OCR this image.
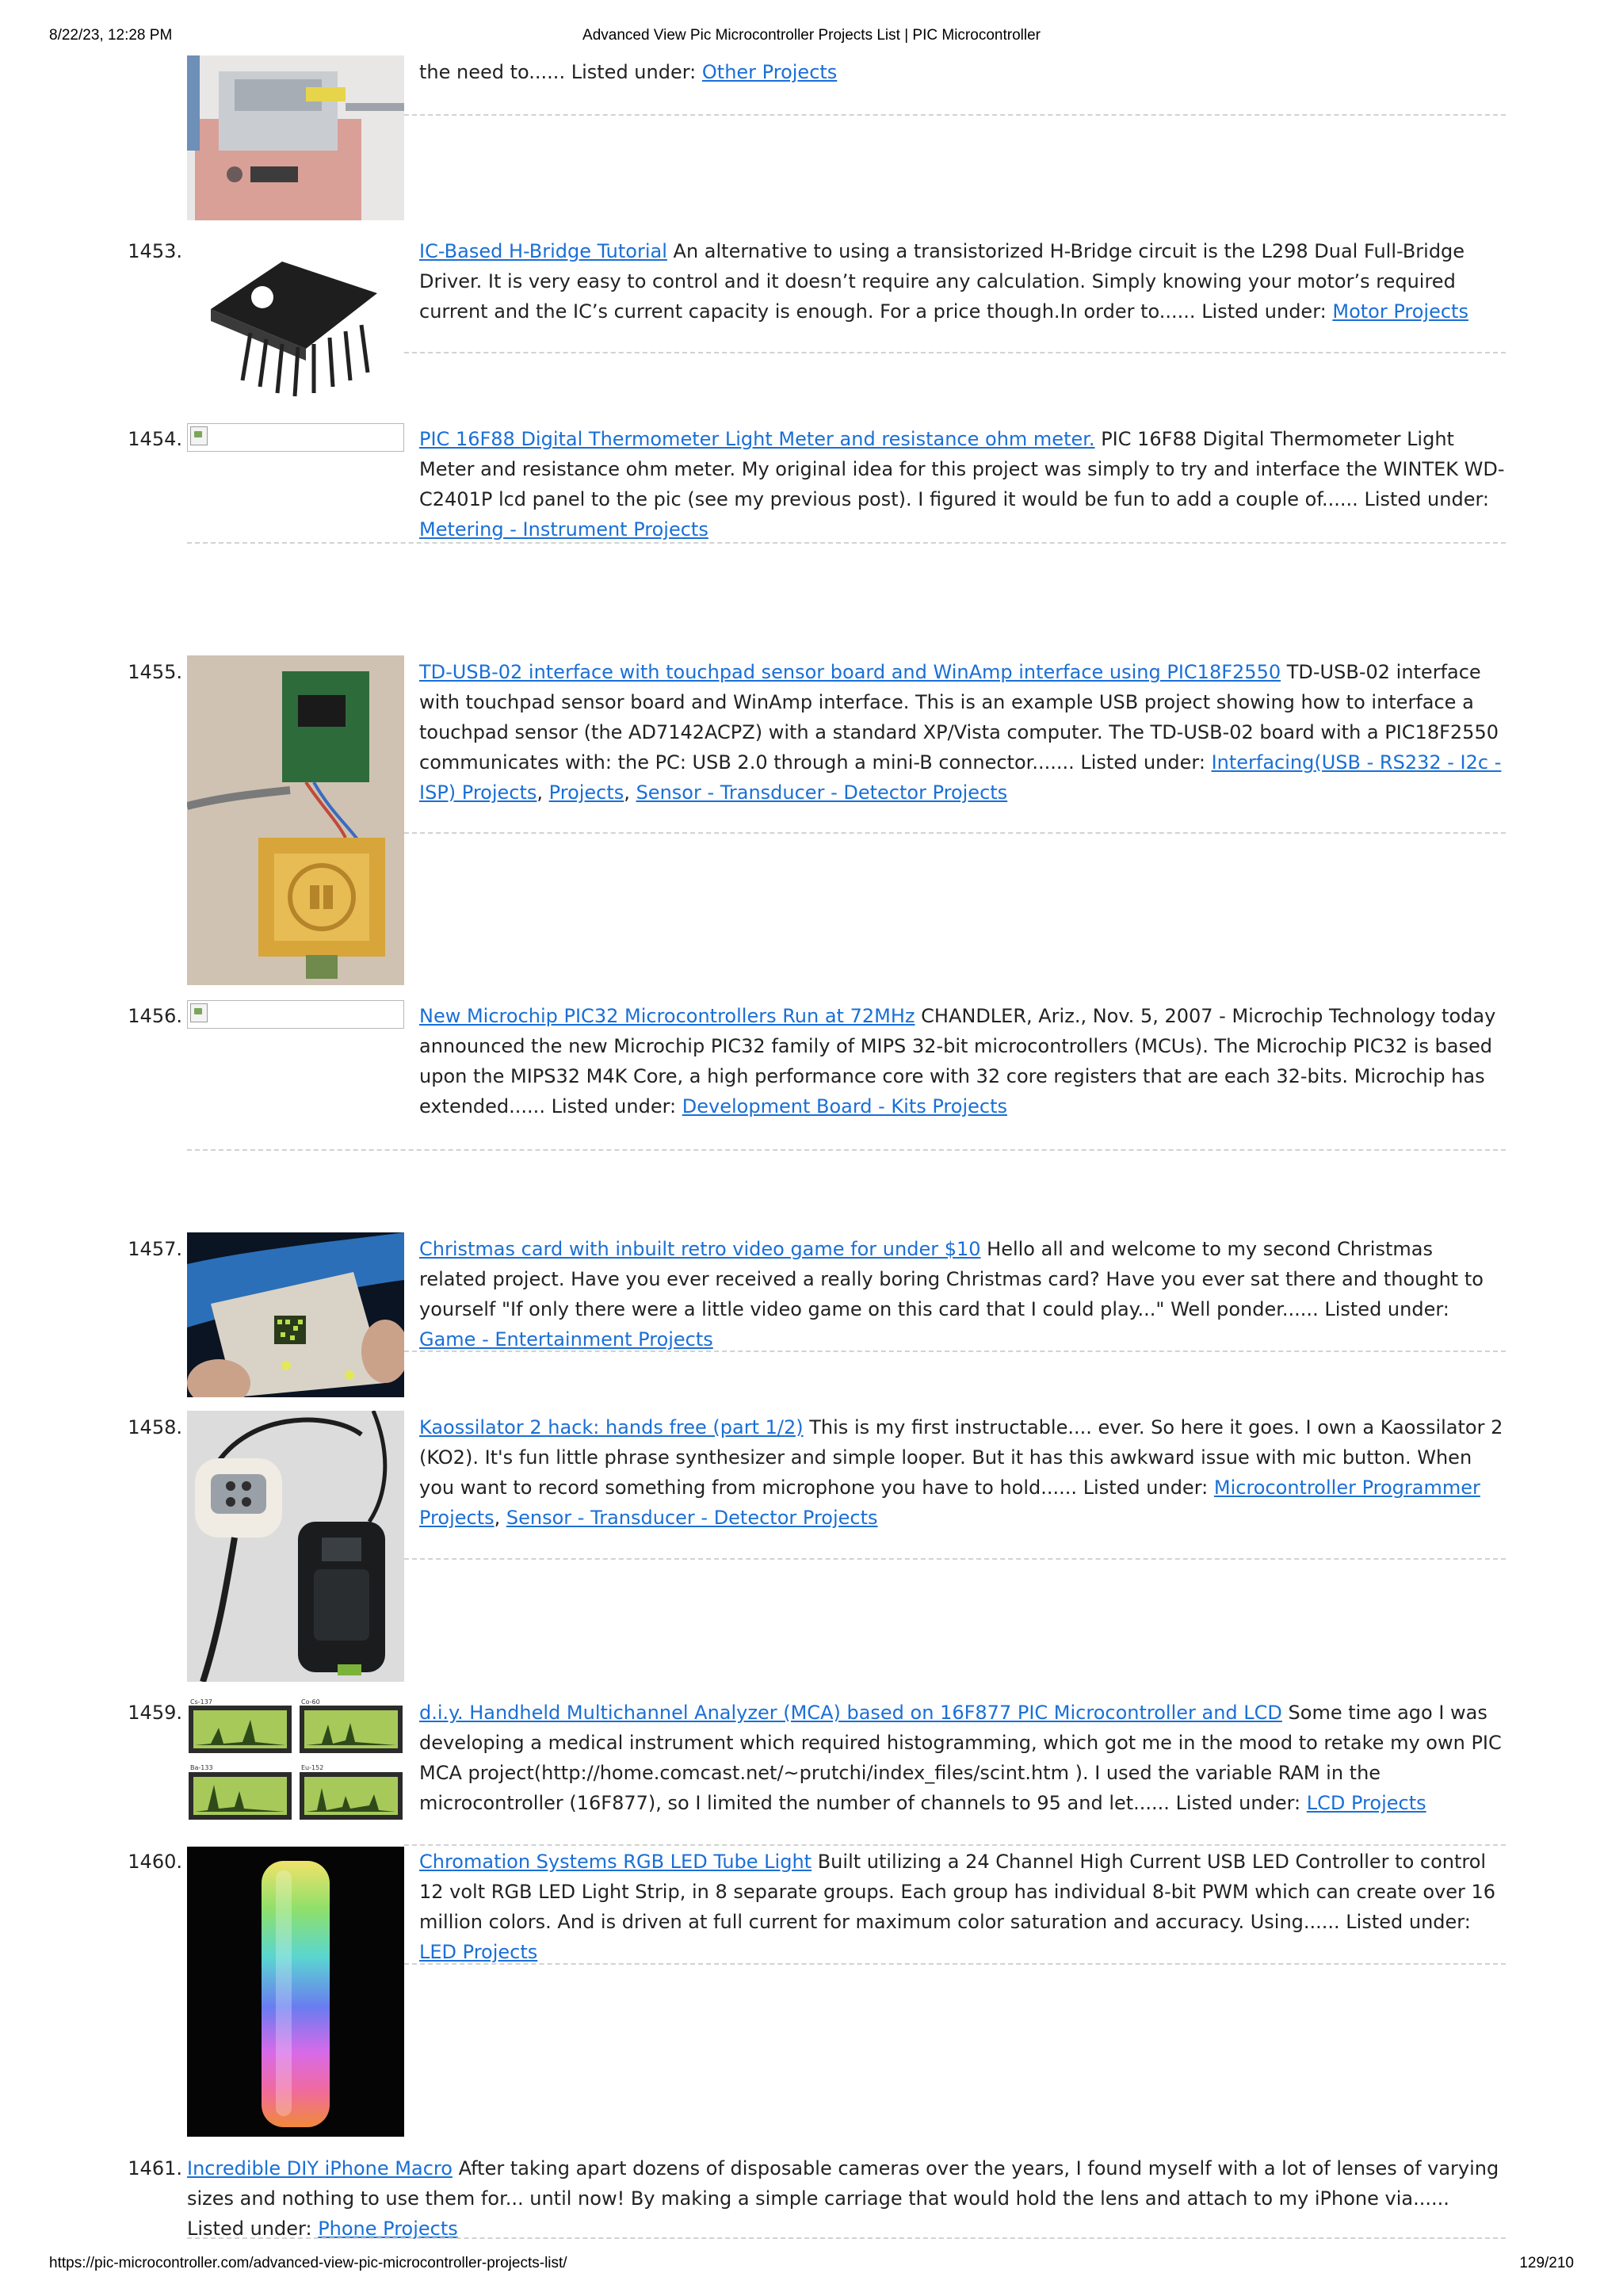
8/22/23, 12:28 PM	Advanced View Pic Microcontroller Projects List | PIC Microcontroller

the need to...... Listed under: Other Projects

1453.	IC-Based H-Bridge Tutorial An alternative to using a transistorized H-Bridge circuit is the L298 Dual Full-Bridge Driver. It is very easy to control and it doesn’t require any calculation. Simply knowing your motor’s required current and the IC’s current capacity is enough. For a price though.In order to...... Listed under: Motor Projects

1454.	PIC 16F88 Digital Thermometer Light Meter and resistance ohm meter. PIC 16F88 Digital Thermometer Light Meter and resistance ohm meter. My original idea for this project was simply to try and interface the WINTEK WD-C2401P lcd panel to the pic (see my previous post). I figured it would be fun to add a couple of...... Listed under: Metering - Instrument Projects

1455.	TD-USB-02 interface with touchpad sensor board and WinAmp interface using PIC18F2550 TD-USB-02 interface with touchpad sensor board and WinAmp interface. This is an example USB project showing how to interface a touchpad sensor (the AD7142ACPZ) with a standard XP/Vista computer. The TD-USB-02 board with a PIC18F2550 communicates with: the PC: USB 2.0 through a mini-B connector....... Listed under: Interfacing(USB - RS232 - I2c -ISP) Projects, Projects, Sensor - Transducer - Detector Projects

1456.	New Microchip PIC32 Microcontrollers Run at 72MHz CHANDLER, Ariz., Nov. 5, 2007 - Microchip Technology today announced the new Microchip PIC32 family of MIPS 32-bit microcontrollers (MCUs). The Microchip PIC32 is based upon the MIPS32 M4K Core, a high performance core with 32 core registers that are each 32-bits. Microchip has extended...... Listed under: Development Board - Kits Projects

1457.	Christmas card with inbuilt retro video game for under $10 Hello all and welcome to my second Christmas related project. Have you ever received a really boring Christmas card? Have you ever sat there and thought to yourself "If only there were a little video game on this card that I could play..." Well ponder...... Listed under: Game - Entertainment Projects

1458.	Kaossilator 2 hack: hands free (part 1/2) This is my first instructable.... ever. So here it goes. I own a Kaossilator 2 (KO2). It's fun little phrase synthesizer and simple looper. But it has this awkward issue with mic button. When you want to record something from microphone you have to hold...... Listed under: Microcontroller Programmer Projects, Sensor - Transducer - Detector Projects

1459. Cs-137	Co-60
Ba-133	Eu-152

d.i.y. Handheld Multichannel Analyzer (MCA) based on 16F877 PIC Microcontroller and LCD Some time ago I was developing a medical instrument which required histogramming, which got me in the mood to retake my own PIC MCA project(http://home.comcast.net/~prutchi/index_files/scint.htm ). I used the variable RAM in the microcontroller (16F877), so I limited the number of channels to 95 and let...... Listed under: LCD Projects

1460.	Chromation Systems RGB LED Tube Light Built utilizing a 24 Channel High Current USB LED Controller to control 12 volt RGB LED Light Strip, in 8 separate groups. Each group has individual 8-bit PWM which can create over 16 million colors. And is driven at full current for maximum color saturation and accuracy. Using...... Listed under: LED Projects

1461. Incredible DIY iPhone Macro After taking apart dozens of disposable cameras over the years, I found myself with a lot of lenses of varying sizes and nothing to use them for... until now! By making a simple carriage that would hold the lens and attach to my iPhone via...... Listed under: Phone Projects

https://pic-microcontroller.com/advanced-view-pic-microcontroller-projects-list/	129/210
